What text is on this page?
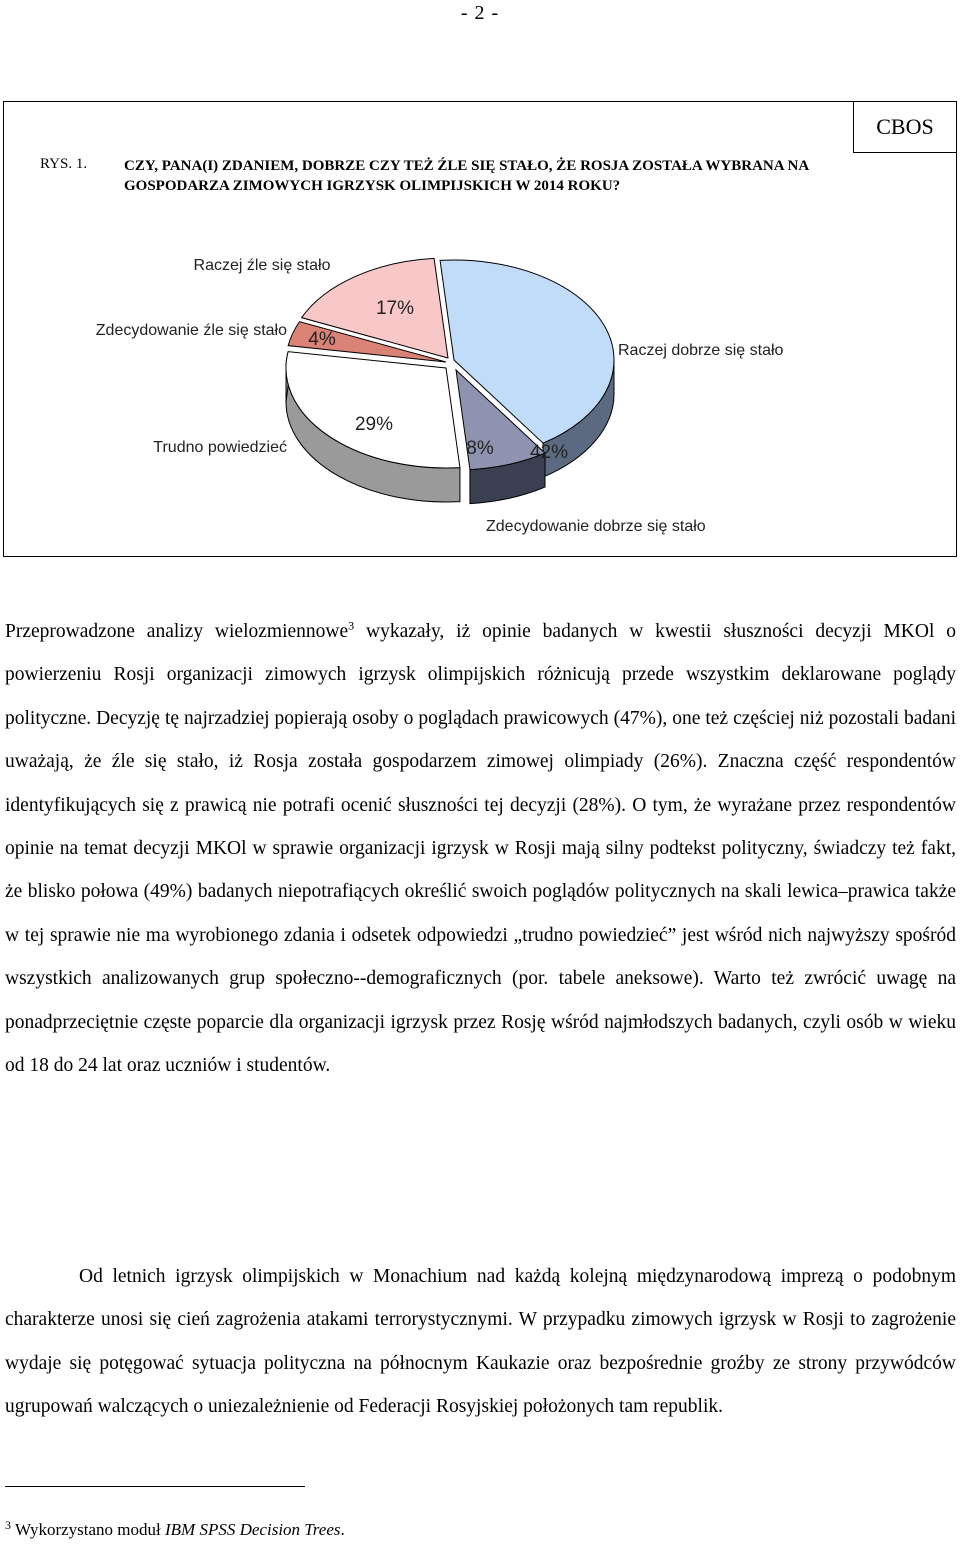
- 2 -
CBOS
RYS. 1. CZY, PANA(I) ZDANIEM, DOBRZE CZY TEŻ ŹLE SIĘ STAŁO, ŻE ROSJA ZOSTAŁA WYBRANA NA GOSPODARZA ZIMOWYCH IGRZYSK OLIMPIJSKICH W 2014 ROKU?
42%
8%
29%
4%
17%
Raczej dobrze się stało
Zdecydowanie dobrze się stało
Trudno powiedzieć
Zdecydowanie źle się stało
Raczej źle się stało

Przeprowadzone analizy wielozmiennowe$^3$ wykazały, iż opinie badanych w kwestii słuszności decyzji MKOl o powierzeniu Rosji organizacji zimowych igrzysk olimpijskich różnicują przede wszystkim deklarowane poglądy polityczne. Decyzję tę najrzadziej popierają osoby o poglądach prawicowych (47%), one też częściej niż pozostali badani uważają, że źle się stało, iż Rosja została gospodarzem zimowej olimpiady (26%). Znaczna część respondentów identyfikujących się z prawicą nie potrafi ocenić słuszności tej decyzji (28%). O tym, że wyrażane przez respondentów opinie na temat decyzji MKOl w sprawie organizacji igrzysk w Rosji mają silny podtekst polityczny, świadczy też fakt, że blisko połowa (49%) badanych niepotrafiących określić swoich poglądów politycznych na skali lewica–prawica także w tej sprawie nie ma wyrobionego zdania i odsetek odpowiedzi „trudno powiedzieć” jest wśród nich najwyższy spośród wszystkich analizowanych grup społeczno--demograficznych (por. tabele aneksowe). Warto też zwrócić uwagę na ponadprzeciętnie częste poparcie dla organizacji igrzysk przez Rosję wśród najmłodszych badanych, czyli osób w wieku od 18 do 24 lat oraz uczniów i studentów.

Od letnich igrzysk olimpijskich w Monachium nad każdą kolejną międzynarodową imprezą o podobnym charakterze unosi się cień zagrożenia atakami terrorystycznymi. W przypadku zimowych igrzysk w Rosji to zagrożenie wydaje się potęgować sytuacja polityczna na północnym Kaukazie oraz bezpośrednie groźby ze strony przywódców ugrupowań walczących o uniezależnienie od Federacji Rosyjskiej położonych tam republik.

$^3$ Wykorzystano moduł IBM SPSS Decision Trees.
